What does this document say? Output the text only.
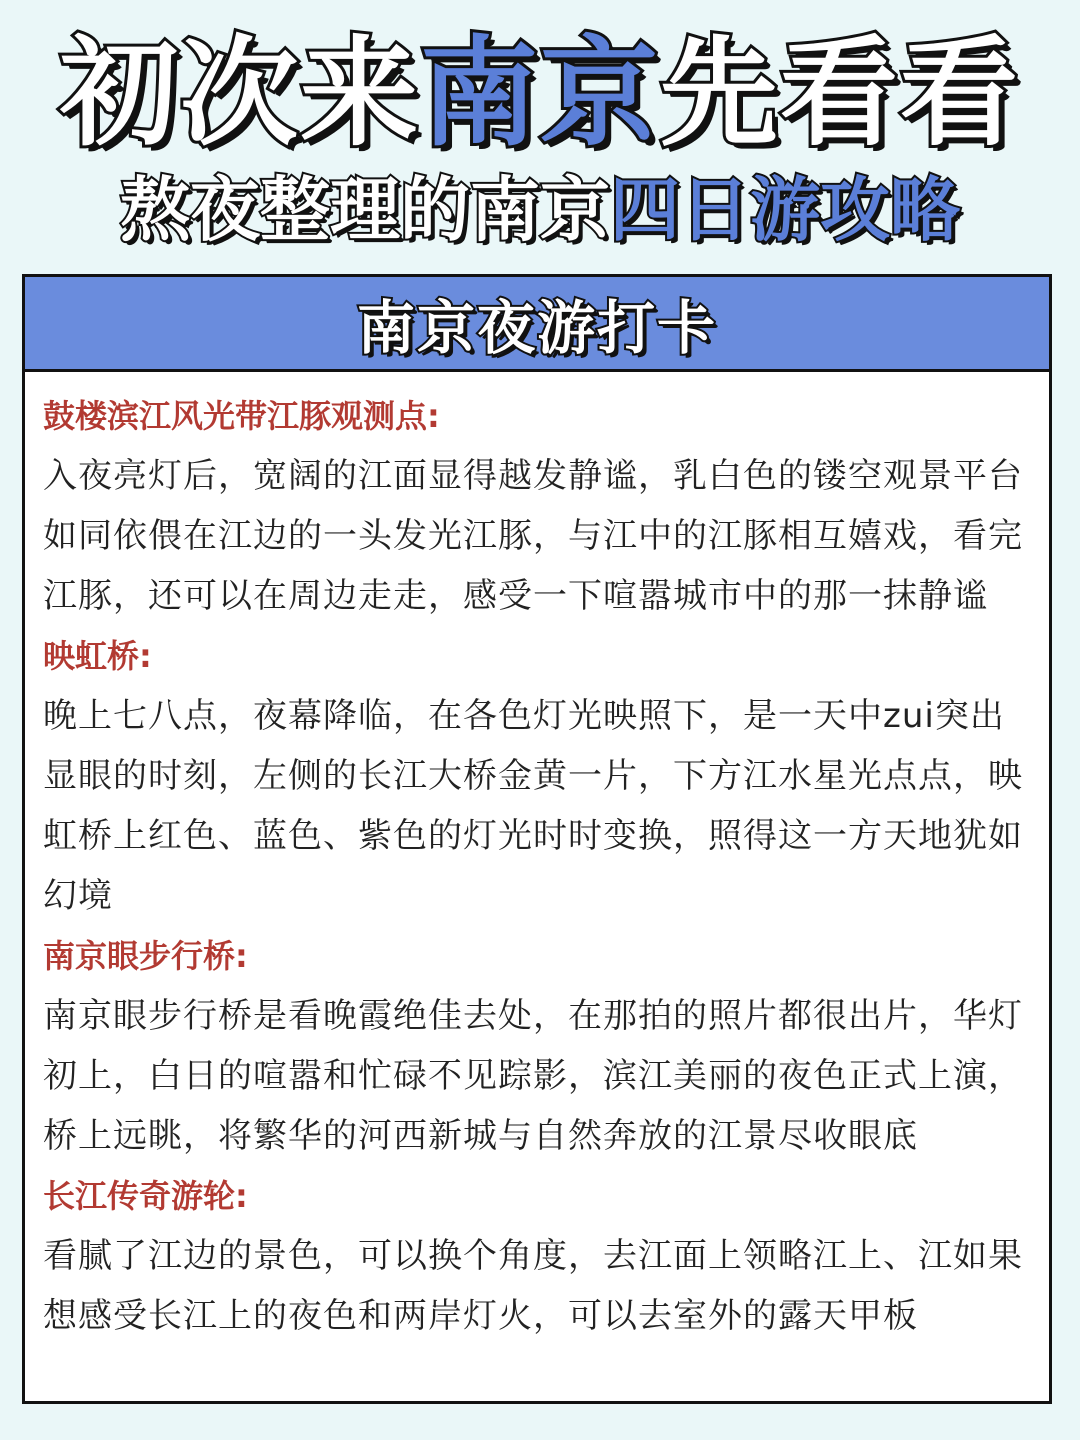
初次来南京先看看
熬夜整理的南京四日游攻略
南京夜游打卡
鼓楼滨江风光带江豚观测点:
入夜亮灯后，宽阔的江面显得越发静谧，乳白色的镂空观景平台如同依偎在江边的一头发光江豚，与江中的江豚相互嬉戏，看完江豚，还可以在周边走走，感受一下喧嚣城市中的那一抹静谧
映虹桥:
晚上七八点，夜幕降临，在各色灯光映照下，是一天中zui突出显眼的时刻，左侧的长江大桥金黄一片，下方江水星光点点，映虹桥上红色、蓝色、紫色的灯光时时变换，照得这一方天地犹如幻境
南京眼步行桥:
南京眼步行桥是看晚霞绝佳去处，在那拍的照片都很出片，华灯初上，白日的喧嚣和忙碌不见踪影，滨江美丽的夜色正式上演，桥上远眺，将繁华的河西新城与自然奔放的江景尽收眼底
长江传奇游轮:
看腻了江边的景色，可以换个角度，去江面上领略江上、江如果想感受长江上的夜色和两岸灯火，可以去室外的露天甲板
